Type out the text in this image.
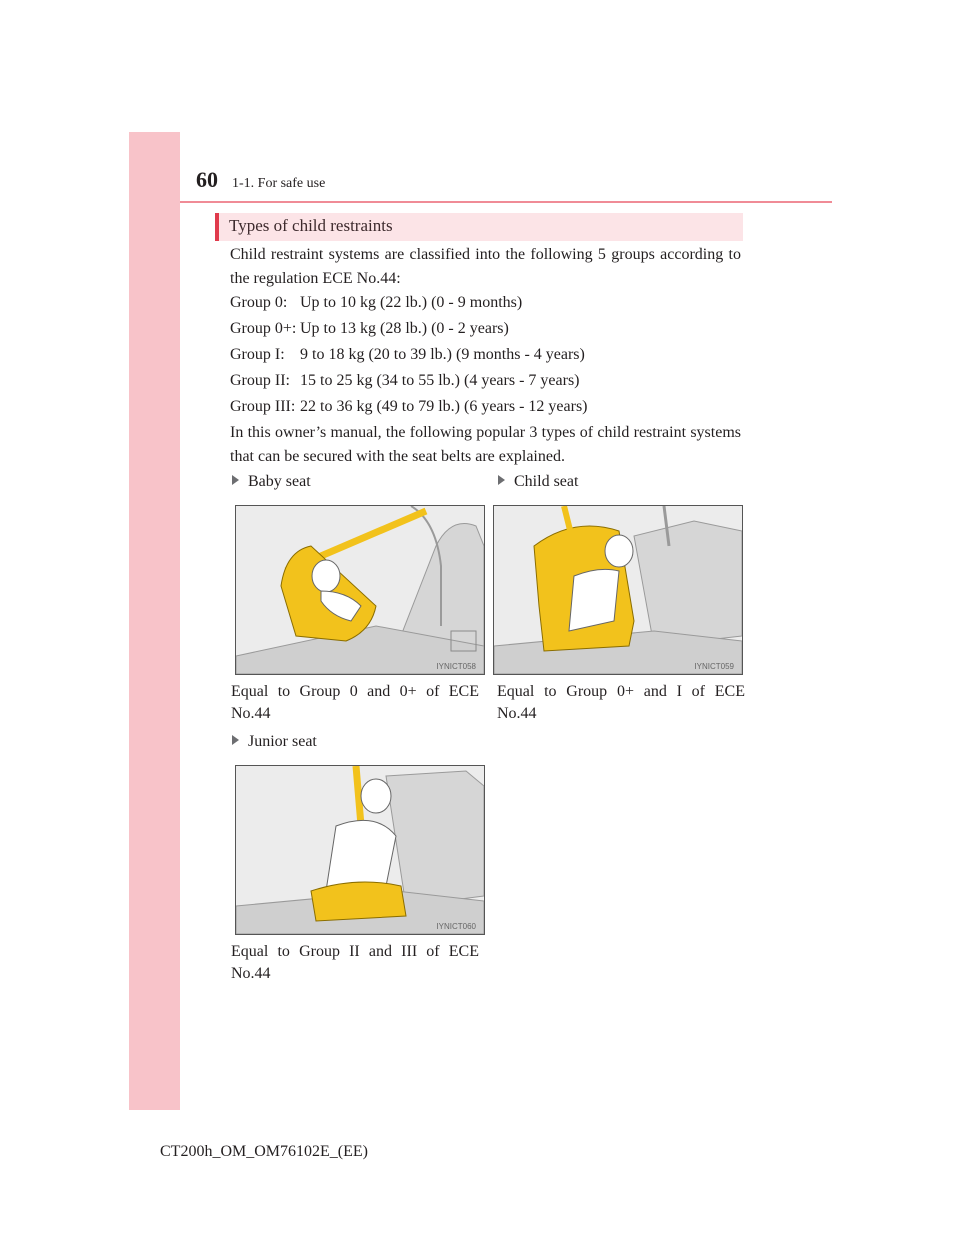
60 1-1. For safe use
Types of child restraints
Child restraint systems are classified into the following 5 groups according to the regulation ECE No.44:
Group 0: Up to 10 kg (22 lb.) (0 - 9 months)
Group 0+: Up to 13 kg (28 lb.) (0 - 2 years)
Group I: 9 to 18 kg (20 to 39 lb.) (9 months - 4 years)
Group II: 15 to 25 kg (34 to 55 lb.) (4 years - 7 years)
Group III: 22 to 36 kg (49 to 79 lb.) (6 years - 12 years)
In this owner’s manual, the following popular 3 types of child restraint systems that can be secured with the seat belts are explained.
Baby seat
IYNICT058
Equal to Group 0 and 0+ of ECE
No.44
Child seat
IYNICT059
Equal to Group 0+ and I of ECE
No.44
Junior seat
IYNICT060
Equal to Group II and III of ECE
No.44
CT200h_OM_OM76102E_(EE)
